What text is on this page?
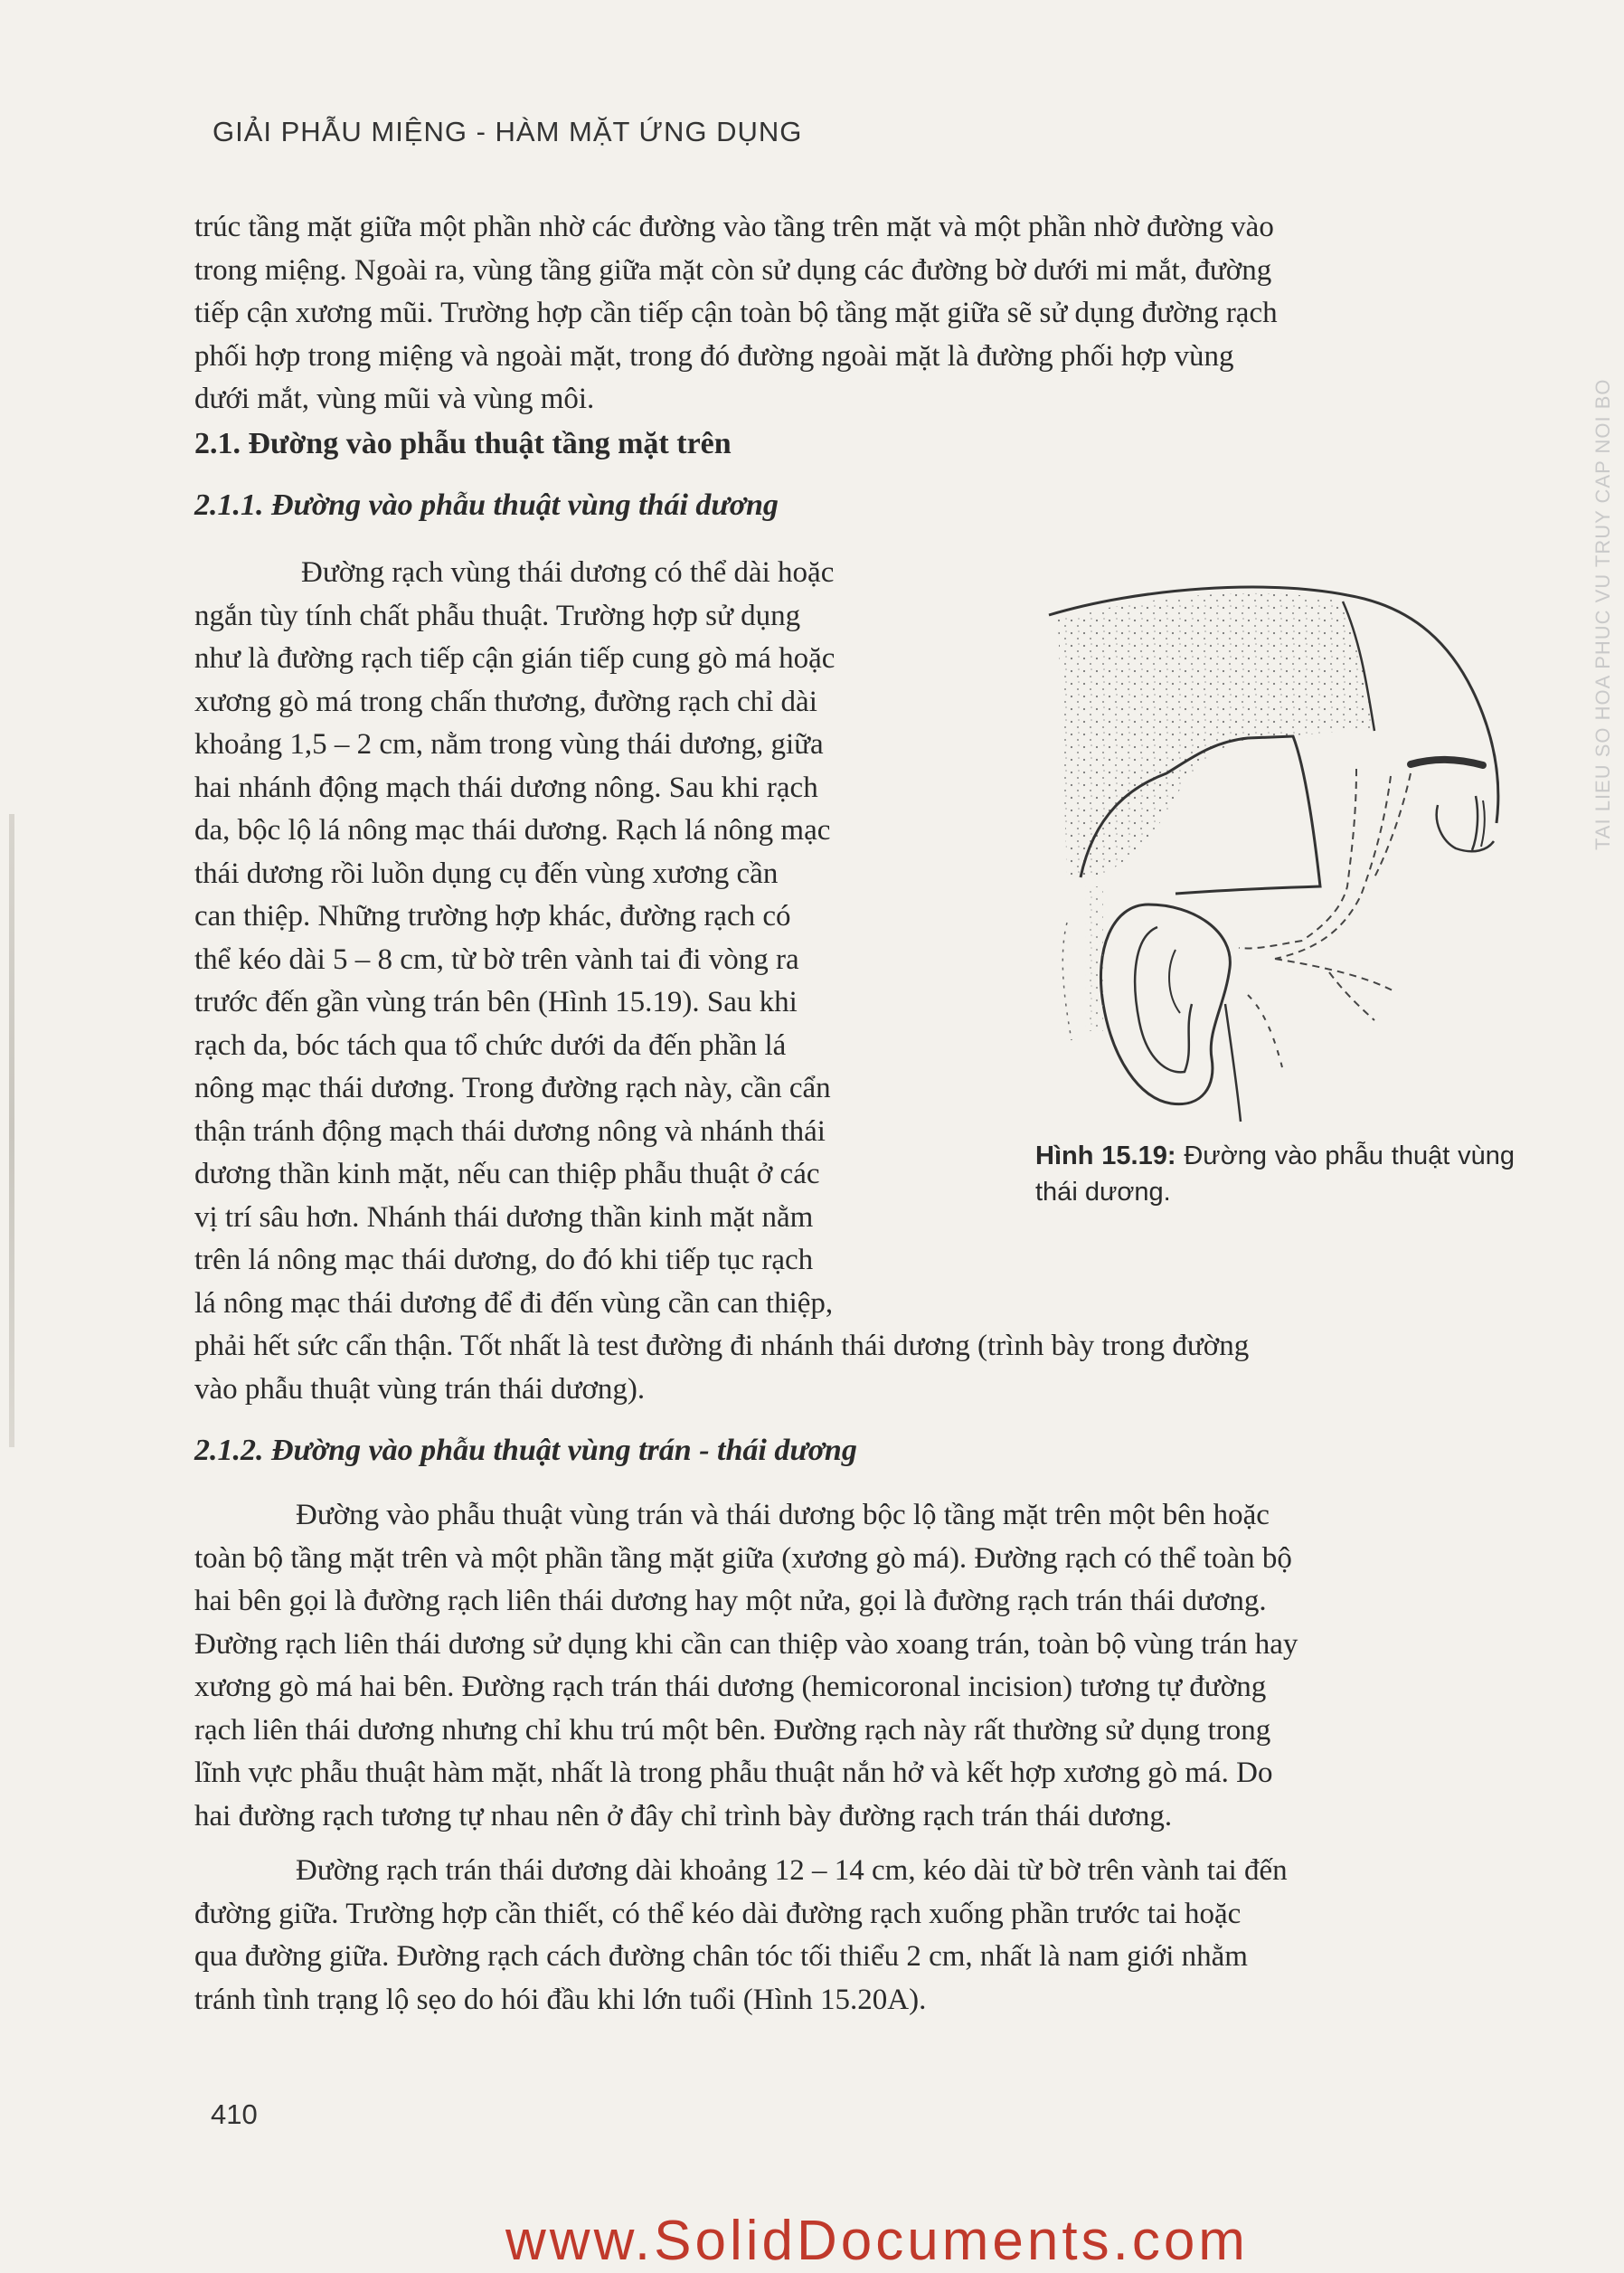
GIẢI PHẪU MIỆNG - HÀM MẶT ỨNG DỤNG

trúc tầng mặt giữa một phần nhờ các đường vào tầng trên mặt và một phần nhờ đường vào

trong miệng. Ngoài ra, vùng tầng giữa mặt còn sử dụng các đường bờ dưới mi mắt, đường

tiếp cận xương mũi. Trường hợp cần tiếp cận toàn bộ tầng mặt giữa sẽ sử dụng đường rạch

phối hợp trong miệng và ngoài mặt, trong đó đường ngoài mặt là đường phối hợp vùng

dưới mắt, vùng mũi và vùng môi.

2.1. Đường vào phẫu thuật tầng mặt trên
2.1.1. Đường vào phẫu thuật vùng thái dương

Đường rạch vùng thái dương có thể dài hoặc

ngắn tùy tính chất phẫu thuật. Trường hợp sử dụng

như là đường rạch tiếp cận gián tiếp cung gò má hoặc

xương gò má trong chấn thương, đường rạch chỉ dài

khoảng 1,5 – 2 cm, nằm trong vùng thái dương, giữa

hai nhánh động mạch thái dương nông. Sau khi rạch

da, bộc lộ lá nông mạc thái dương. Rạch lá nông mạc

thái dương rồi luồn dụng cụ đến vùng xương cần

can thiệp. Những trường hợp khác, đường rạch có

thể kéo dài 5 – 8 cm, từ bờ trên vành tai đi vòng ra

trước đến gần vùng trán bên (Hình 15.19). Sau khi

rạch da, bóc tách qua tổ chức dưới da đến phần lá

nông mạc thái dương. Trong đường rạch này, cần cẩn

thận tránh động mạch thái dương nông và nhánh thái

dương thần kinh mặt, nếu can thiệp phẫu thuật ở các

vị trí sâu hơn. Nhánh thái dương thần kinh mặt nằm

trên lá nông mạc thái dương, do đó khi tiếp tục rạch

lá nông mạc thái dương để đi đến vùng cần can thiệp,

phải hết sức cẩn thận. Tốt nhất là test đường đi nhánh thái dương (trình bày trong đường

vào phẫu thuật vùng trán thái dương).

Hình 15.19: Đường vào phẫu thuật vùng thái dương.
2.1.2. Đường vào phẫu thuật vùng trán - thái dương

Đường vào phẫu thuật vùng trán và thái dương bộc lộ tầng mặt trên một bên hoặc

toàn bộ tầng mặt trên và một phần tầng mặt giữa (xương gò má). Đường rạch có thể toàn bộ

hai bên gọi là đường rạch liên thái dương hay một nửa, gọi là đường rạch trán thái dương.

Đường rạch liên thái dương sử dụng khi cần can thiệp vào xoang trán, toàn bộ vùng trán hay

xương gò má hai bên. Đường rạch trán thái dương (hemicoronal incision) tương tự đường

rạch liên thái dương nhưng chỉ khu trú một bên. Đường rạch này rất thường sử dụng trong

lĩnh vực phẫu thuật hàm mặt, nhất là trong phẫu thuật nắn hở và kết hợp xương gò má. Do

hai đường rạch tương tự nhau nên ở đây chỉ trình bày đường rạch trán thái dương.

Đường rạch trán thái dương dài khoảng 12 – 14 cm, kéo dài từ bờ trên vành tai đến

đường giữa. Trường hợp cần thiết, có thể kéo dài đường rạch xuống phần trước tai hoặc

qua đường giữa. Đường rạch cách đường chân tóc tối thiểu 2 cm, nhất là nam giới nhằm

tránh tình trạng lộ sẹo do hói đầu khi lớn tuổi (Hình 15.20A).

TAI LIEU SO HOA PHUC VU TRUY CAP NOI BO
410
www.SolidDocuments.com
